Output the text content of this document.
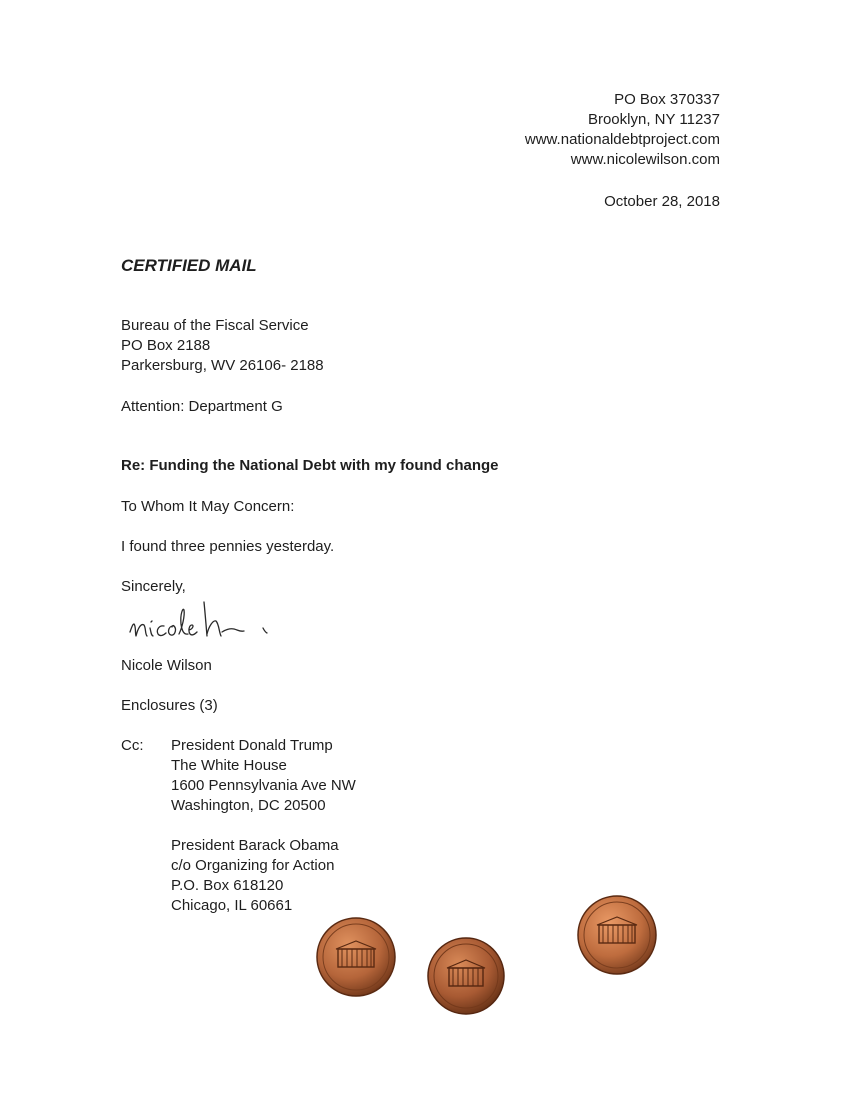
PO Box 370337
Brooklyn, NY 11237
www.nationaldebtproject.com
www.nicolewilson.com
October 28, 2018
CERTIFIED MAIL
Bureau of the Fiscal Service
PO Box 2188
Parkersburg, WV 26106- 2188
Attention: Department G
Re: Funding the National Debt with my found change
To Whom It May Concern:
I found three pennies yesterday.
Sincerely,
Nicole Wilson
Enclosures (3)
Cc: President Donald Trump
The White House
1600 Pennsylvania Ave NW
Washington, DC 20500
President Barack Obama
c/o Organizing for Action
P.O. Box 618120
Chicago, IL 60661
